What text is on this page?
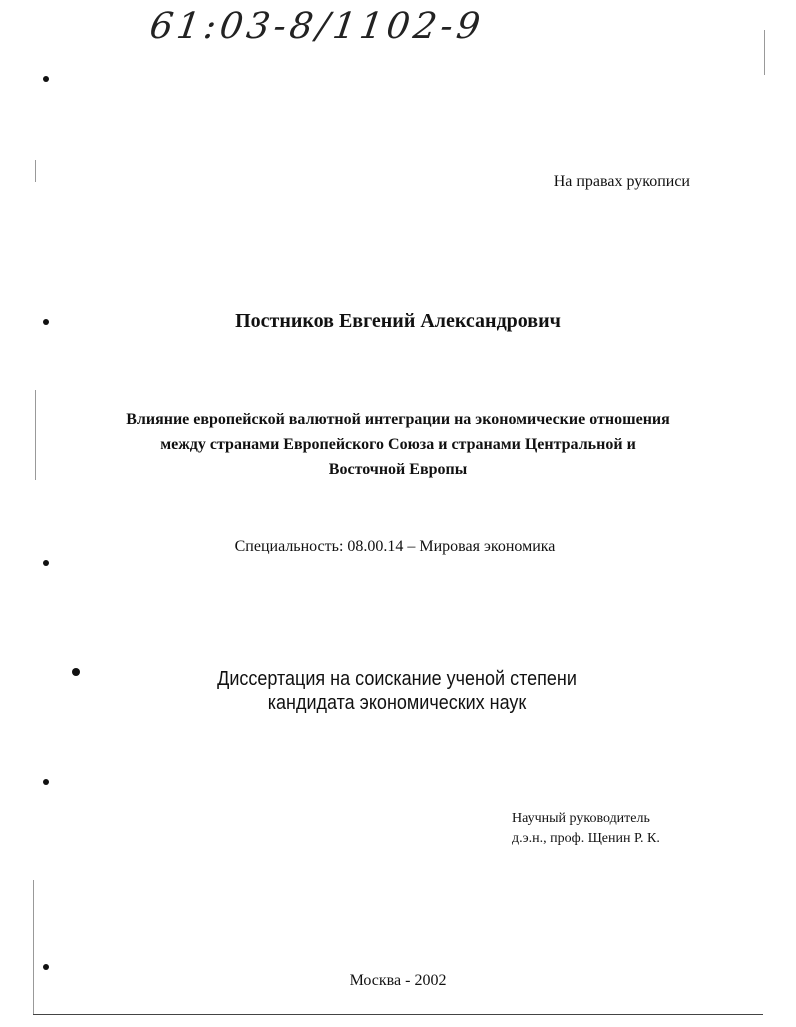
61:03-8/1102-9
На правах рукописи
Постников Евгений Александрович
Влияние европейской валютной интеграции на экономические отношения
между странами Европейского Союза и странами Центральной и
Восточной Европы
Специальность: 08.00.14 – Мировая экономика
Диссертация на соискание ученой степени
кандидата экономических наук
Научный руководитель
д.э.н., проф. Щенин Р. К.
Москва - 2002
